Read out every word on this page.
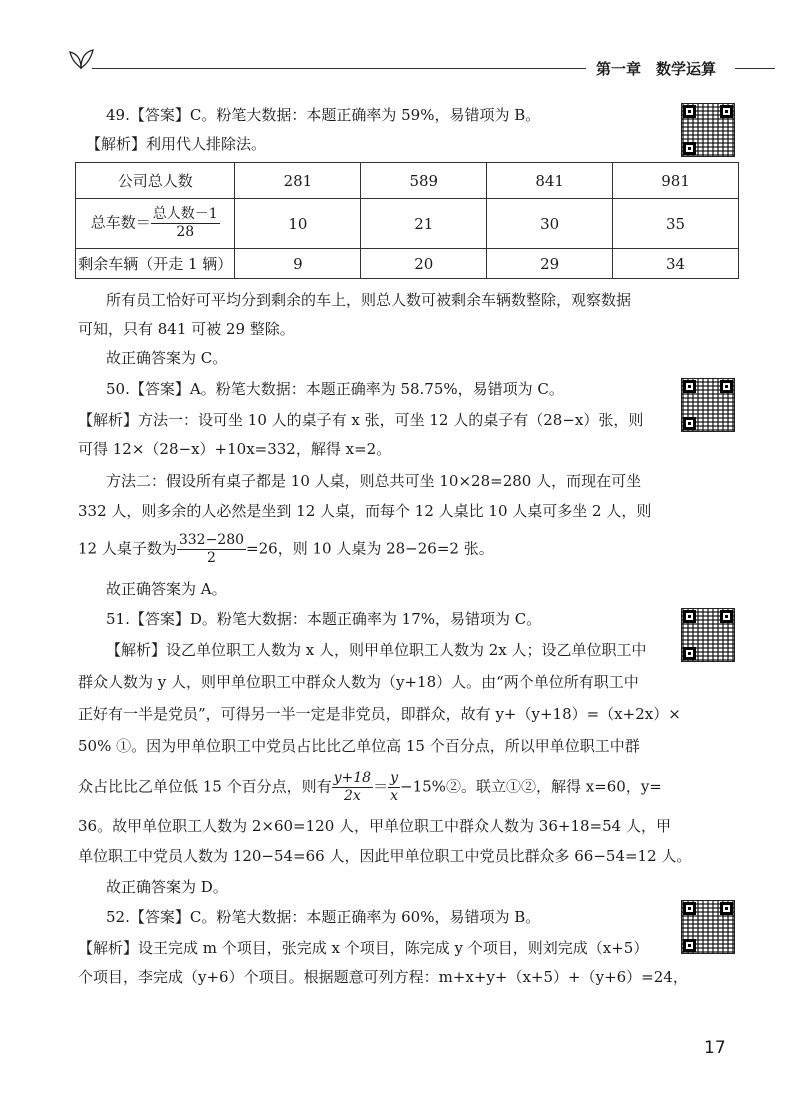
第一章　数学运算
49.【答案】C。粉笔大数据：本题正确率为 59%，易错项为 B。
【解析】利用代人排除法。
公司总人数	281	589	841	981
总车数＝ $\frac{\text{总人数－1}}{28}$	10	21	30	35
剩余车辆（开走 1 辆）	9	20	29	34
所有员工恰好可平均分到剩余的车上，则总人数可被剩余车辆数整除，观察数据
可知，只有 841 可被 29 整除。
故正确答案为 C。
50.【答案】A。粉笔大数据：本题正确率为 58.75%，易错项为 C。
【解析】方法一：设可坐 10 人的桌子有 x 张，可坐 12 人的桌子有（28−x）张，则
可得 12×（28−x）+10x=332，解得 x=2。
方法二：假设所有桌子都是 10 人桌，则总共可坐 10×28=280 人，而现在可坐
332 人，则多余的人必然是坐到 12 人桌，而每个 12 人桌比 10 人桌可多坐 2 人，则
12 人桌子数为 $\frac{332-280}{2} =26$，则 10 人桌为 28−26=2 张。
故正确答案为 A。
51.【答案】D。粉笔大数据：本题正确率为 17%，易错项为 C。
【解析】设乙单位职工人数为 x 人，则甲单位职工人数为 2x 人；设乙单位职工中
群众人数为 y 人，则甲单位职工中群众人数为（y+18）人。由“两个单位所有职工中
正好有一半是党员”，可得另一半一定是非党员，即群众，故有 y+（y+18）=（x+2x）×
50% ①。因为甲单位职工中党员占比比乙单位高 15 个百分点，所以甲单位职工中群
众占比比乙单位低 15 个百分点，则有 $\frac{y+18}{2x} = \frac{y}{x}$ −15%②。联立①②，解得 x=60，y=
36。故甲单位职工人数为 2×60=120 人，甲单位职工中群众人数为 36+18=54 人，甲
单位职工中党员人数为 120−54=66 人，因此甲单位职工中党员比群众多 66−54=12 人。
故正确答案为 D。
52.【答案】C。粉笔大数据：本题正确率为 60%，易错项为 B。
【解析】设王完成 m 个项目，张完成 x 个项目，陈完成 y 个项目，则刘完成（x+5）
个项目，李完成（y+6）个项目。根据题意可列方程：m+x+y+（x+5）+（y+6）=24，
17
